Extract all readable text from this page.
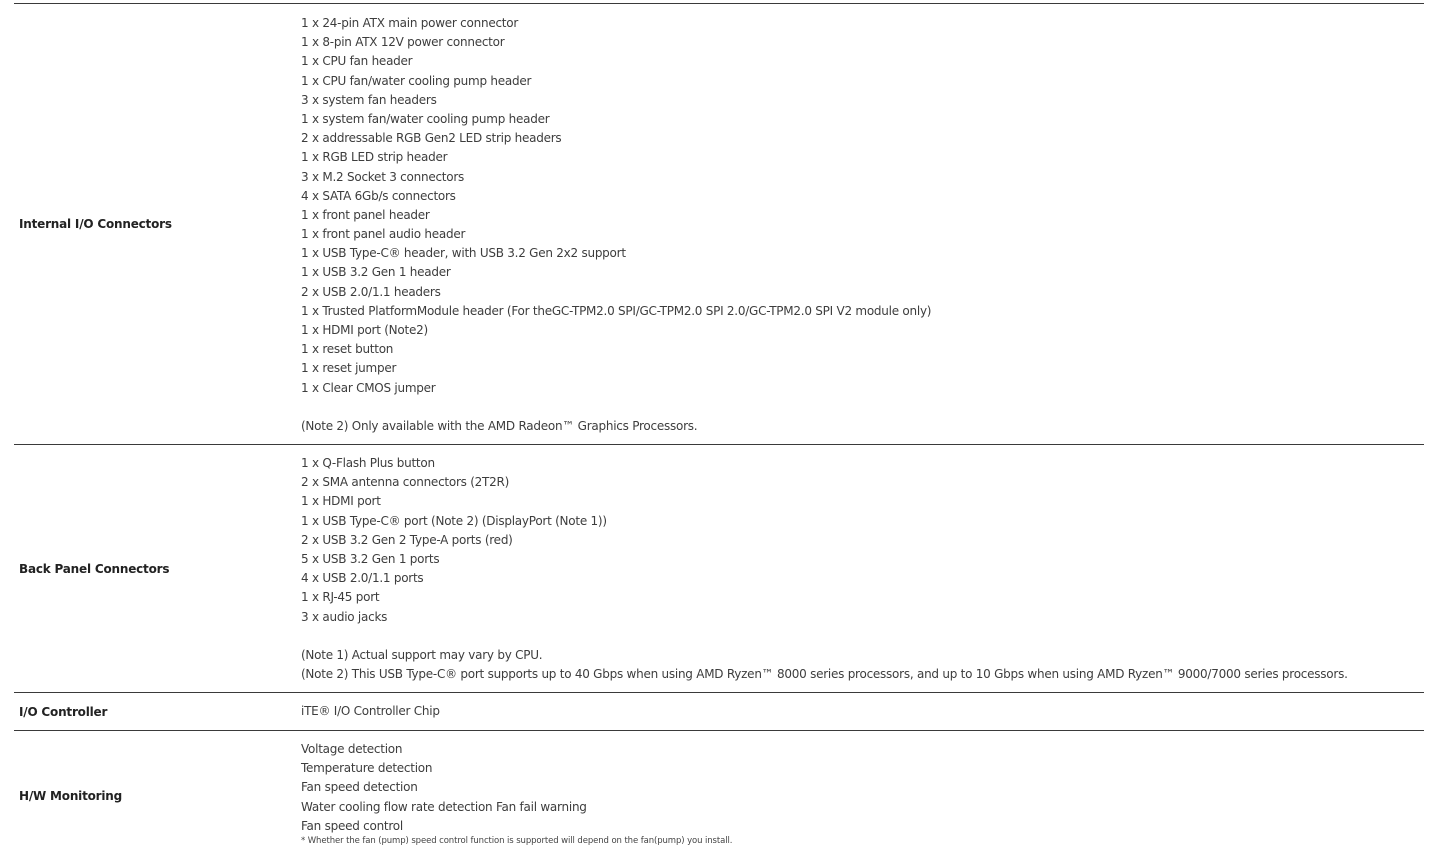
Internal I/O Connectors
1 x 24-pin ATX main power connector
1 x 8-pin ATX 12V power connector
1 x CPU fan header
1 x CPU fan/water cooling pump header
3 x system fan headers
1 x system fan/water cooling pump header
2 x addressable RGB Gen2 LED strip headers
1 x RGB LED strip header
3 x M.2 Socket 3 connectors
4 x SATA 6Gb/s connectors
1 x front panel header
1 x front panel audio header
1 x USB Type-C® header, with USB 3.2 Gen 2x2 support
1 x USB 3.2 Gen 1 header
2 x USB 2.0/1.1 headers
1 x Trusted PlatformModule header (For theGC-TPM2.0 SPI/GC-TPM2.0 SPI 2.0/GC-TPM2.0 SPI V2 module only)
1 x HDMI port (Note2)
1 x reset button
1 x reset jumper
1 x Clear CMOS jumper
(Note 2) Only available with the AMD Radeon™ Graphics Processors.
Back Panel Connectors
1 x Q-Flash Plus button
2 x SMA antenna connectors (2T2R)
1 x HDMI port
1 x USB Type-C® port (Note 2) (DisplayPort (Note 1))
2 x USB 3.2 Gen 2 Type-A ports (red)
5 x USB 3.2 Gen 1 ports
4 x USB 2.0/1.1 ports
1 x RJ-45 port
3 x audio jacks
(Note 1) Actual support may vary by CPU.
(Note 2) This USB Type-C® port supports up to 40 Gbps when using AMD Ryzen™ 8000 series processors, and up to 10 Gbps when using AMD Ryzen™ 9000/7000 series processors.
I/O Controller	iTE® I/O Controller Chip
H/W Monitoring
Voltage detection
Temperature detection
Fan speed detection
Water cooling flow rate detection Fan fail warning
Fan speed control
* Whether the fan (pump) speed control function is supported will depend on the fan(pump) you install.
